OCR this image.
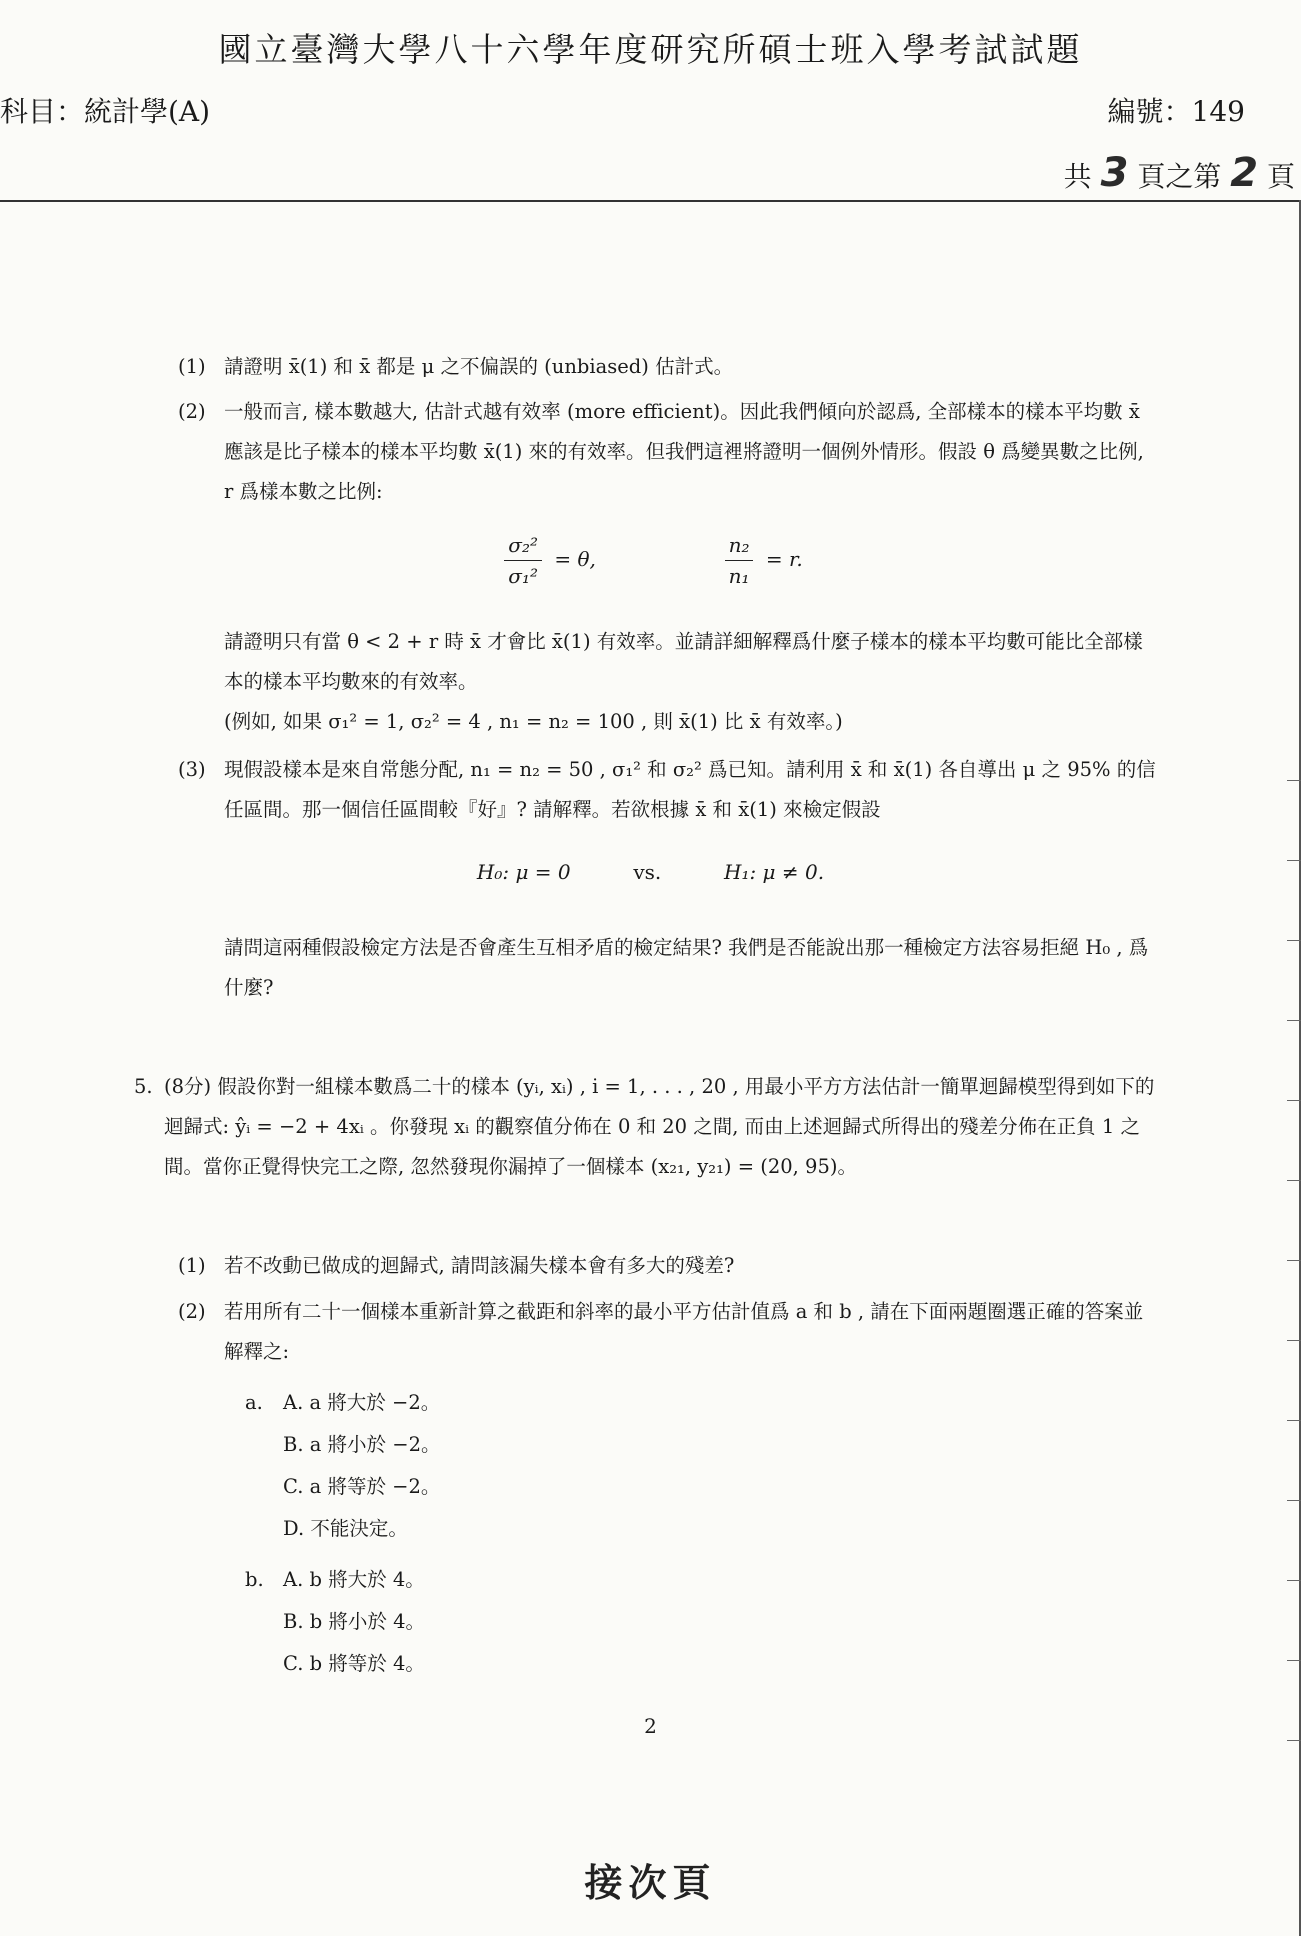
國立臺灣大學八十六學年度研究所碩士班入學考試試題
科目：統計學(A)	編號：149
共 3 頁之第 2 頁
(1) 請證明 x̄(1) 和 x̄ 都是 μ 之不偏誤的 (unbiased) 估計式。
(2) 一般而言, 樣本數越大, 估計式越有效率 (more efficient)。因此我們傾向於認爲, 全部樣本的樣本平均數 x̄ 應該是比子樣本的樣本平均數 x̄(1) 來的有效率。但我們這裡將證明一個例外情形。假設 θ 爲變異數之比例, r 爲樣本數之比例:
$\frac{\text{σ₂²}}{\text{σ₁²}} = \theta$,	$\frac{\text{n₂}}{\text{n₁}} = r$.
請證明只有當 θ < 2 + r 時 x̄ 才會比 x̄(1) 有效率。並請詳細解釋爲什麼子樣本的樣本平均數可能比全部樣本的樣本平均數來的有效率。
(例如, 如果 σ₁² = 1, σ₂² = 4 , n₁ = n₂ = 100 , 則 x̄(1) 比 x̄ 有效率。)
(3) 現假設樣本是來自常態分配, n₁ = n₂ = 50 , σ₁² 和 σ₂² 爲已知。請利用 x̄ 和 x̄(1) 各自導出 μ 之 95% 的信任區間。那一個信任區間較『好』? 請解釋。若欲根據 x̄ 和 x̄(1) 來檢定假設
H₀: μ = 0	vs.	H₁: μ ≠ 0.
請問這兩種假設檢定方法是否會產生互相矛盾的檢定結果? 我們是否能說出那一種檢定方法容易拒絕 H₀ , 爲什麼?
5. (8分) 假設你對一組樣本數爲二十的樣本 (yᵢ, xᵢ) , i = 1, . . . , 20 , 用最小平方方法估計一簡單迴歸模型得到如下的迴歸式: ŷᵢ = −2 + 4xᵢ 。你發現 xᵢ 的觀察值分佈在 0 和 20 之間, 而由上述迴歸式所得出的殘差分佈在正負 1 之間。當你正覺得快完工之際, 忽然發現你漏掉了一個樣本 (x₂₁, y₂₁) = (20, 95)。
(1) 若不改動已做成的迴歸式, 請問該漏失樣本會有多大的殘差?
(2) 若用所有二十一個樣本重新計算之截距和斜率的最小平方估計值爲 a 和 b , 請在下面兩題圈選正確的答案並解釋之:
a. A. a 將大於 −2。
B. a 將小於 −2。
C. a 將等於 −2。
D. 不能決定。
b. A. b 將大於 4。
B. b 將小於 4。
C. b 將等於 4。
2
接次頁
